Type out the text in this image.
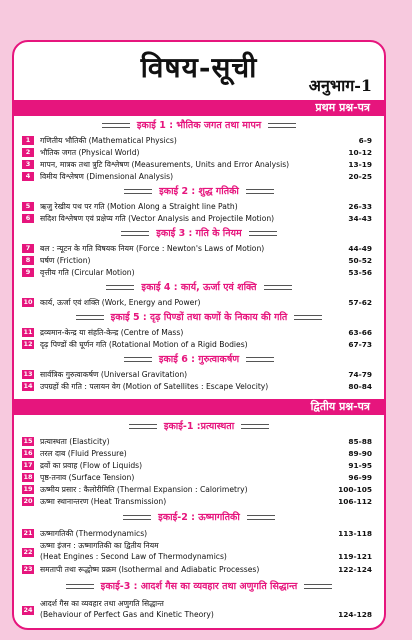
विषय-सूची
अनुभाग-1
प्रथम प्रश्न-पत्र
इकाई 1 : भौतिक जगत तथा मापन
1	गणितीय भौतिकी (Mathematical Physics)	6-9
2	भौतिक जगत (Physical World)	10-12
3	मापन, मात्रक तथा त्रुटि विश्लेषण (Measurements, Units and Error Analysis)	13-19
4	विमीय विश्लेषण (Dimensional Analysis)	20-25
इकाई 2 : शुद्ध गतिकी
5	ऋजु रेखीय पथ पर गति (Motion Along a Straight line Path)	26-33
6	सदिश विश्लेषण एवं प्रक्षेप्य गति (Vector Analysis and Projectile Motion)	34-43
इकाई 3 : गति के नियम
7	बल : न्यूटन के गति विषयक नियम (Force : Newton's Laws of Motion)	44-49
8	घर्षण (Friction)	50-52
9	वृत्तीय गति (Circular Motion)	53-56
इकाई 4 : कार्य, ऊर्जा एवं शक्ति
10 कार्य, ऊर्जा एवं शक्ति (Work, Energy and Power)	57-62
इकाई 5 : दृढ़ पिण्डों तथा कणों के निकाय की गति
11 द्रव्यमान-केन्द्र या संहति-केन्द्र (Centre of Mass)	63-66
12 दृढ़ पिण्डों की घूर्णन गति (Rotational Motion of a Rigid Bodies)	67-73
इकाई 6 : गुरुत्वाकर्षण
13 सार्वत्रिक गुरुत्वाकर्षण (Universal Gravitation)	74-79
14 उपग्रहों की गति : पलायन वेग (Motion of Satellites : Escape Velocity)	80-84
द्वितीय प्रश्न-पत्र
इकाई-1 :प्रत्यास्थता
15 प्रत्यास्थता (Elasticity)	85-88
16 तरल दाब (Fluid Pressure)	89-90
17 द्रवों का प्रवाह (Flow of Liquids)	91-95
18 पृष्ठ-तनाव (Surface Tension)	96-99
19 ऊष्मीय प्रसार : कैलोरीमिति (Thermal Expansion : Calorimetry)	100-105
20 ऊष्मा स्थानान्तरण (Heat Transmission)	106-112
इकाई-2 : ऊष्मागतिकी
21 ऊष्मागतिकी (Thermodynamics)	113-118
22
ऊष्मा इंजन : ऊष्मागतिकी का द्वितीय नियम
(Heat Engines : Second Law of Thermodynamics)	119-121
23 समतापी तथा रूद्धोष्म प्रक्रम (Isothermal and Adiabatic Processes)	122-124
इकाई-3 : आदर्श गैस का व्यवहार तथा अणुगति सिद्धान्त
24
आदर्श गैस का व्यवहार तथा अणुगति सिद्धान्त
(Behaviour of Perfect Gas and Kinetic Theory)	124-128
